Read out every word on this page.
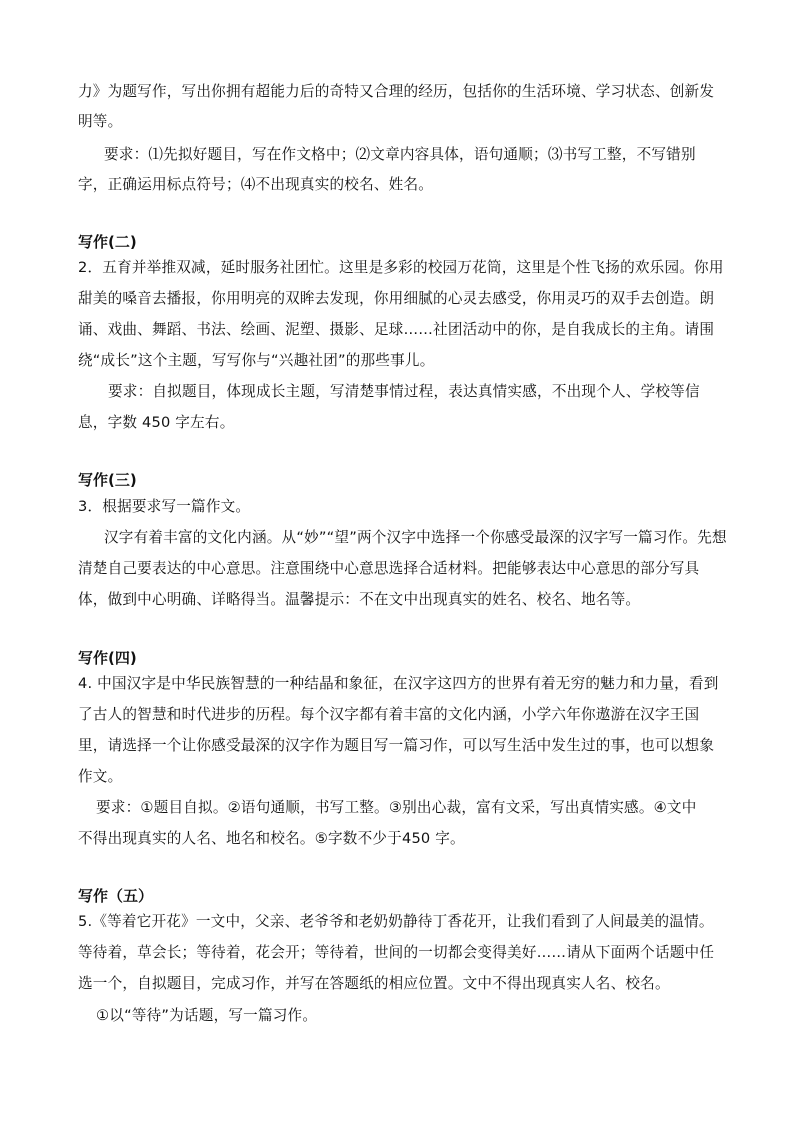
力》为题写作，写出你拥有超能力后的奇特又合理的经历，包括你的生活环境、学习状态、创新发
明等。
要求：⑴先拟好题目，写在作文格中；⑵文章内容具体，语句通顺；⑶书写工整，不写错别
字，正确运用标点符号；⑷不出现真实的校名、姓名。
写作(二)
2．五育并举推双减，延时服务社团忙。这里是多彩的校园万花筒，这里是个性飞扬的欢乐园。你用
甜美的嗓音去播报，你用明亮的双眸去发现，你用细腻的心灵去感受，你用灵巧的双手去创造。朗
诵、戏曲、舞蹈、书法、绘画、泥塑、摄影、足球……社团活动中的你，是自我成长的主角。请围
绕“成长”这个主题，写写你与“兴趣社团”的那些事儿。
要求：自拟题目，体现成长主题，写清楚事情过程，表达真情实感，不出现个人、学校等信
息，字数 450 字左右。
写作(三)
3．根据要求写一篇作文。
汉字有着丰富的文化内涵。从“妙”“望”两个汉字中选择一个你感受最深的汉字写一篇习作。先想
清楚自己要表达的中心意思。注意围绕中心意思选择合适材料。把能够表达中心意思的部分写具
体，做到中心明确、详略得当。温馨提示：不在文中出现真实的姓名、校名、地名等。
写作(四)
4. 中国汉字是中华民族智慧的一种结晶和象征，在汉字这四方的世界有着无穷的魅力和力量，看到
了古人的智慧和时代进步的历程。每个汉字都有着丰富的文化内涵，小学六年你遨游在汉字王国
里，请选择一个让你感受最深的汉字作为题目写一篇习作，可以写生活中发生过的事，也可以想象
作文。
要求：①题目自拟。②语句通顺，书写工整。③别出心裁，富有文采，写出真情实感。④文中
不得出现真实的人名、地名和校名。⑤字数不少于450 字。
写作（五）
5.《等着它开花》一文中，父亲、老爷爷和老奶奶静待丁香花开，让我们看到了人间最美的温情。
等待着，草会长；等待着，花会开；等待着，世间的一切都会变得美好……请从下面两个话题中任
选一个，自拟题目，完成习作，并写在答题纸的相应位置。文中不得出现真实人名、校名。
①以“等待”为话题，写一篇习作。
